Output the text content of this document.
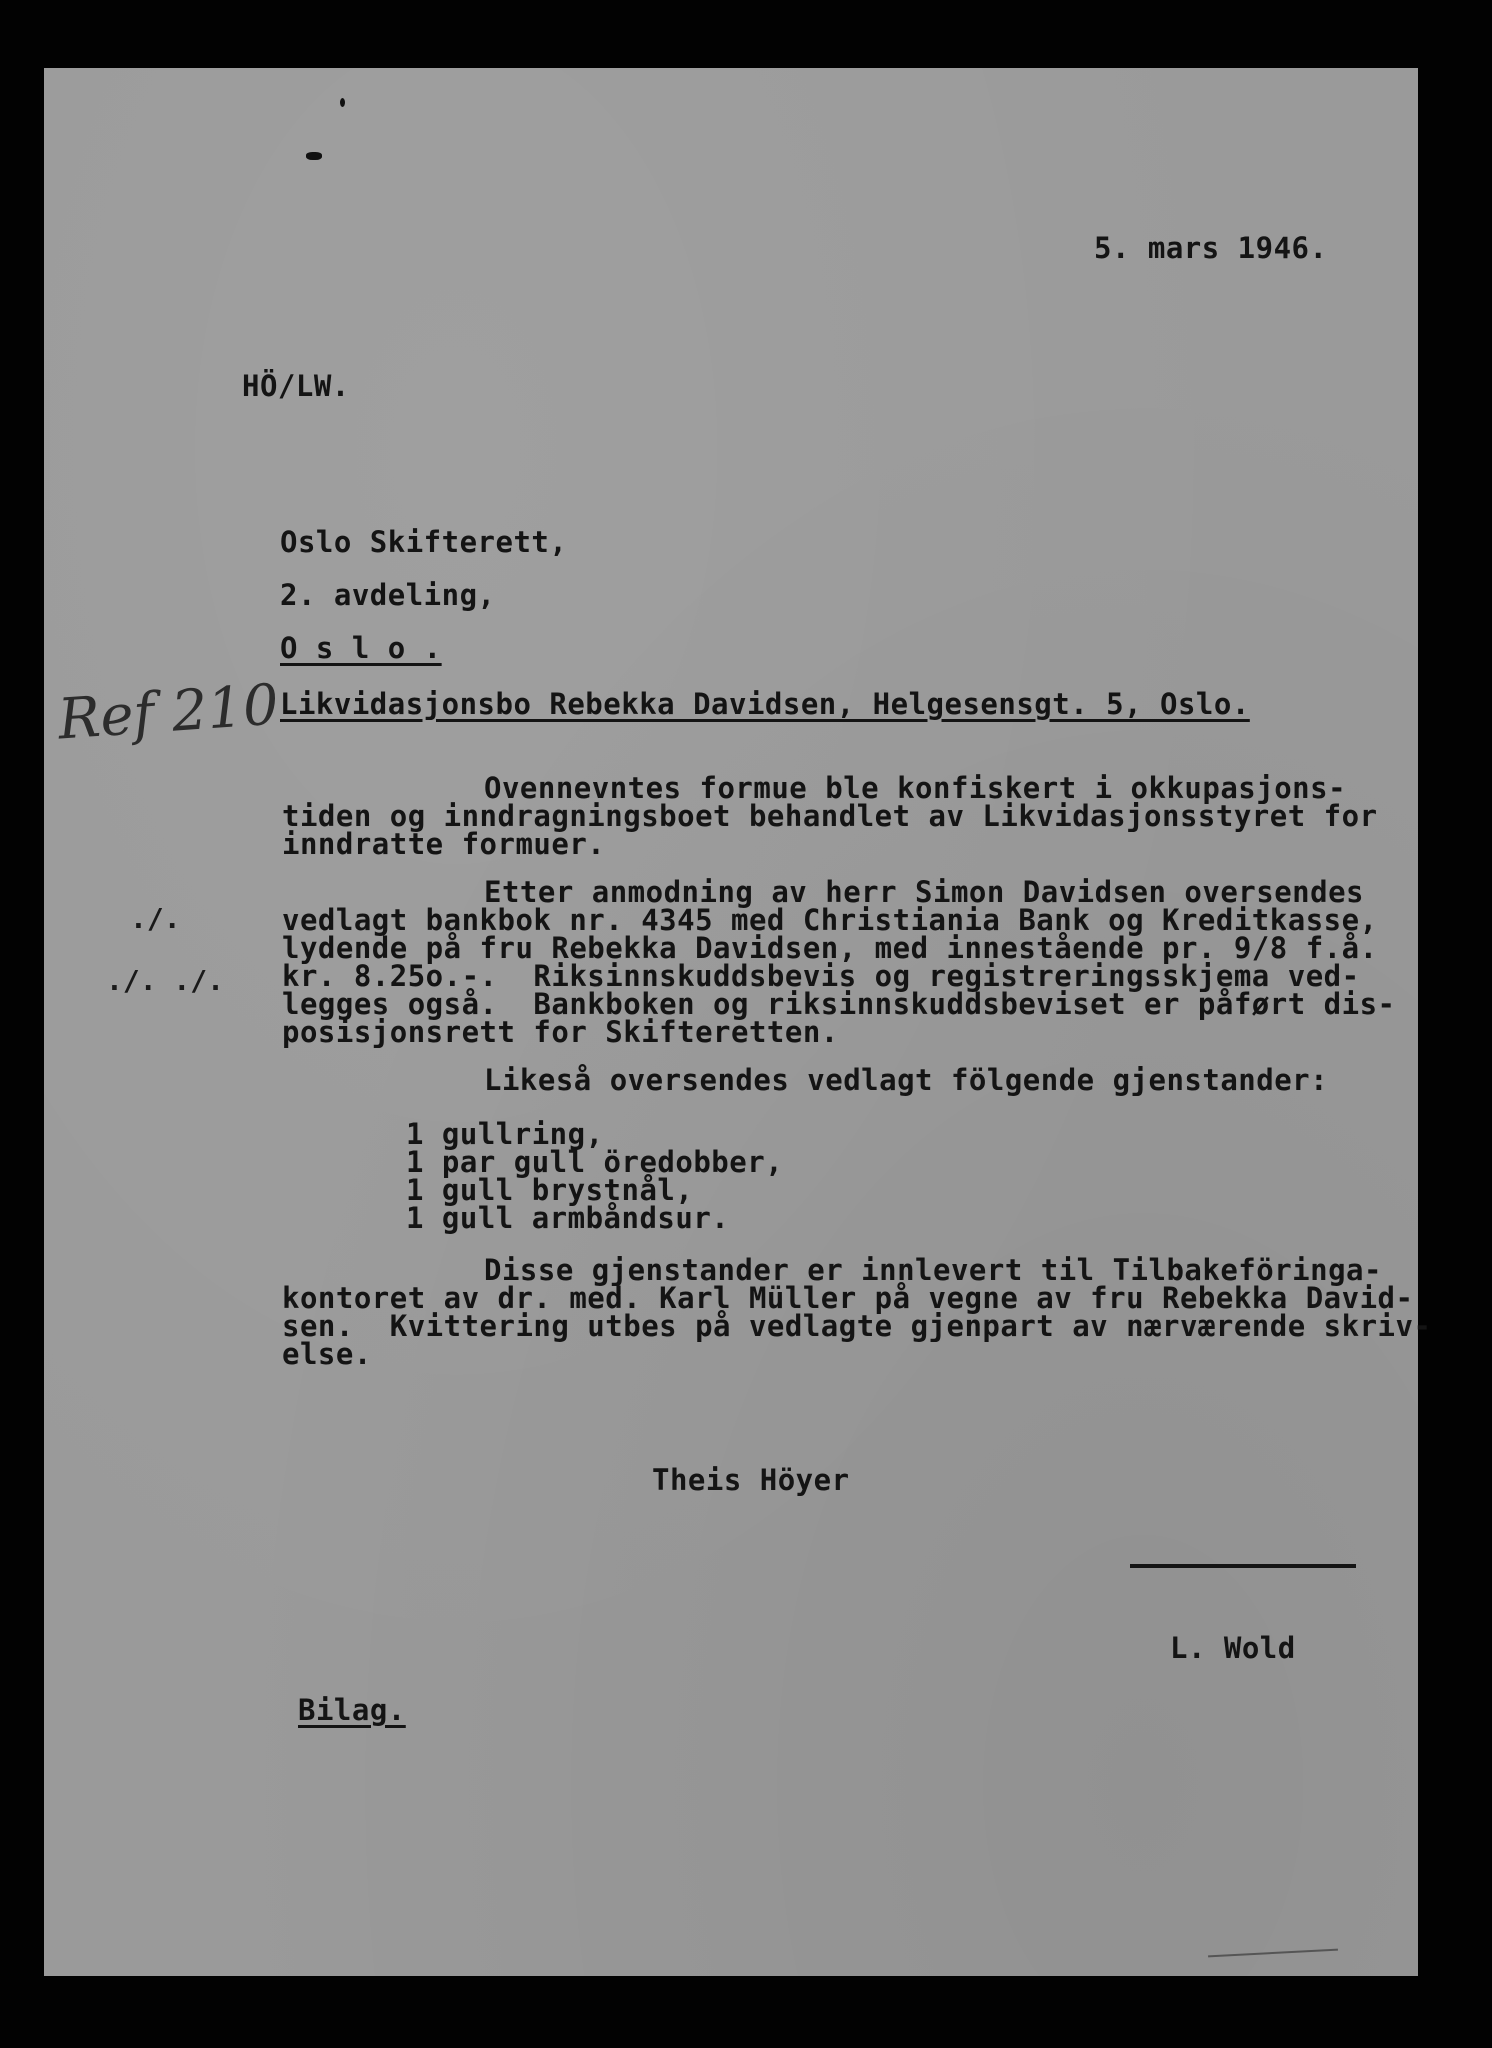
5. mars 1946.
HÖ/LW.
Oslo Skifterett,
2. avdeling,
O s l o .
Ref 210 Likvidasjonsbo Rebekka Davidsen, Helgesensgt. 5, Oslo.
Ovennevntes formue ble konfiskert i okkupasjons-
tiden og inndragningsboet behandlet av Likvidasjonsstyret for
inndratte formuer.
./.
./. ./.
Etter anmodning av herr Simon Davidsen oversendes
vedlagt bankbok nr. 4345 med Christiania Bank og Kreditkasse,
lydende på fru Rebekka Davidsen, med innestående pr. 9/8 f.å.
kr. 8.25o.-.  Riksinnskuddsbevis og registreringsskjema ved-
legges også.  Bankboken og riksinnskuddsbeviset er påført dis-
posisjonsrett for Skifteretten.
Likeså oversendes vedlagt fölgende gjenstander:
1 gullring,
1 par gull öredobber,
1 gull brystnål,
1 gull armbåndsur.
Disse gjenstander er innlevert til Tilbakeföringa-
kontoret av dr. med. Karl Müller på vegne av fru Rebekka David-
sen.  Kvittering utbes på vedlagte gjenpart av nærværende skriv-
else.
Theis Höyer
L. Wold
Bilag.
